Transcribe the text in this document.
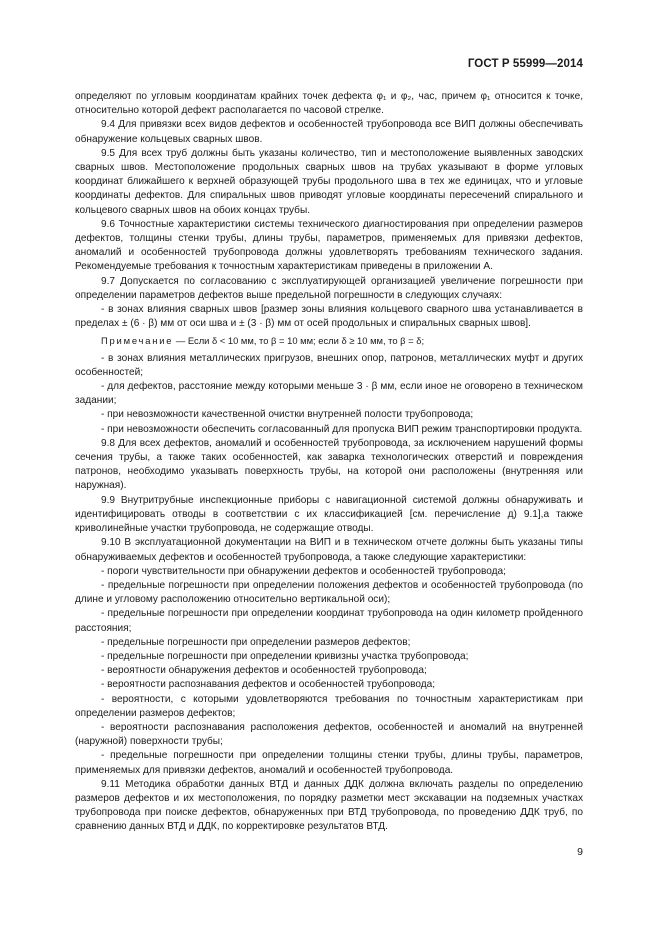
ГОСТ Р 55999—2014

определяют по угловым координатам крайних точек дефекта φ₁ и φ₂, час, причем φ₁ относится к точке, относительно которой дефект располагается по часовой стрелке.

9.4 Для привязки всех видов дефектов и особенностей трубопровода все ВИП должны обеспечивать обнаружение кольцевых сварных швов.

9.5 Для всех труб должны быть указаны количество, тип и местоположение выявленных заводских сварных швов. Местоположение продольных сварных швов на трубах указывают в форме угловых координат ближайшего к верхней образующей трубы продольного шва в тех же единицах, что и угловые координаты дефектов. Для спиральных швов приводят угловые координаты пересечений спирального и кольцевого сварных швов на обоих концах трубы.

9.6 Точностные характеристики системы технического диагностирования при определении размеров дефектов, толщины стенки трубы, длины трубы, параметров, применяемых для привязки дефектов, аномалий и особенностей трубопровода должны удовлетворять требованиям технического задания. Рекомендуемые требования к точностным характеристикам приведены в приложении А.

9.7 Допускается по согласованию с эксплуатирующей организацией увеличение погрешности при определении параметров дефектов выше предельной погрешности в следующих случаях:

- в зонах влияния сварных швов [размер зоны влияния кольцевого сварного шва устанавливается в пределах ± (6 · β) мм от оси шва и ± (3 · β) мм от осей продольных и спиральных сварных швов].

Примечание — Если δ < 10 мм, то β = 10 мм; если δ ≥ 10 мм, то β = δ;

- в зонах влияния металлических пригрузов, внешних опор, патронов, металлических муфт и других особенностей;

- для дефектов, расстояние между которыми меньше 3 · β мм, если иное не оговорено в техническом задании;

- при невозможности качественной очистки внутренней полости трубопровода;

- при невозможности обеспечить согласованный для пропуска ВИП режим транспортировки продукта.

9.8 Для всех дефектов, аномалий и особенностей трубопровода, за исключением нарушений формы сечения трубы, а также таких особенностей, как заварка технологических отверстий и повреждения патронов, необходимо указывать поверхность трубы, на которой они расположены (внутренняя или наружная).

9.9 Внутритрубные инспекционные приборы с навигационной системой должны обнаруживать и идентифицировать отводы в соответствии с их классификацией [см. перечисление д) 9.1],а также криволинейные участки трубопровода, не содержащие отводы.

9.10 В эксплуатационной документации на ВИП и в техническом отчете должны быть указаны типы обнаруживаемых дефектов и особенностей трубопровода, а также следующие характеристики:

- пороги чувствительности при обнаружении дефектов и особенностей трубопровода;

- предельные погрешности при определении положения дефектов и особенностей трубопровода (по длине и угловому расположению относительно вертикальной оси);

- предельные погрешности при определении координат трубопровода на один километр пройденного расстояния;

- предельные погрешности при определении размеров дефектов;

- предельные погрешности при определении кривизны участка трубопровода;

- вероятности обнаружения дефектов и особенностей трубопровода;

- вероятности распознавания дефектов и особенностей трубопровода;

- вероятности, с которыми удовлетворяются требования по точностным характеристикам при определении размеров дефектов;

- вероятности распознавания расположения дефектов, особенностей и аномалий на внутренней (наружной) поверхности трубы;

- предельные погрешности при определении толщины стенки трубы, длины трубы, параметров, применяемых для привязки дефектов, аномалий и особенностей трубопровода.

9.11 Методика обработки данных ВТД и данных ДДК должна включать разделы по определению размеров дефектов и их местоположения, по порядку разметки мест экскавации на подземных участках трубопровода при поиске дефектов, обнаруженных при ВТД трубопровода, по проведению ДДК труб, по сравнению данных ВТД и ДДК, по корректировке результатов ВТД.

9
